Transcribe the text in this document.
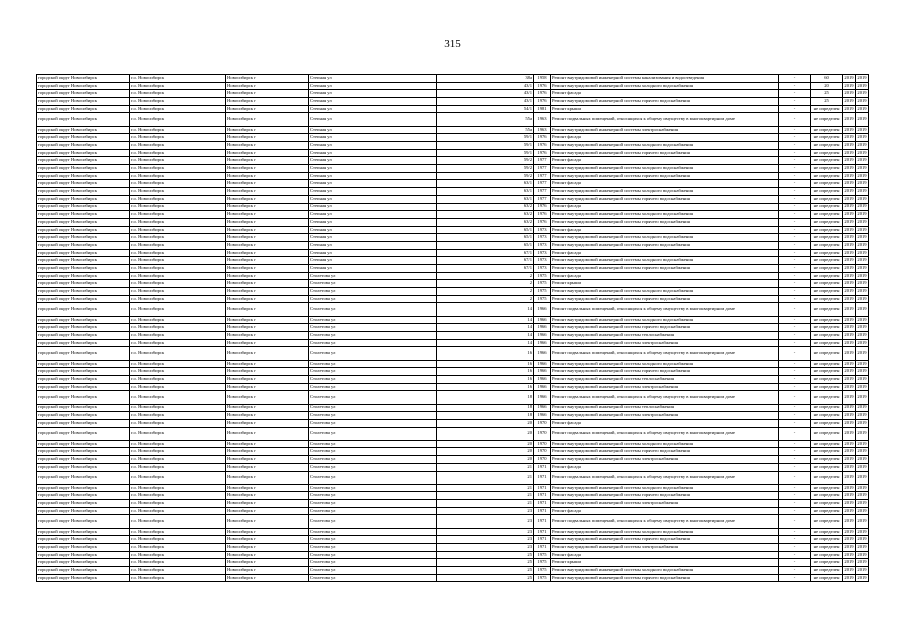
315
городской округ Новосибирск	г.о. Новосибирск	Новосибирск г	Степная ул	38а	1958	Ремонт внутридомовой инженерной системы канализования и водоотведения	-	60	2019	2019
городской округ Новосибирск	г.о. Новосибирск	Новосибирск г	Степная ул	43/1	1976	Ремонт внутридомовой инженерной системы холодного водоснабжения	-	20	2019	2019
городской округ Новосибирск	г.о. Новосибирск	Новосибирск г	Степная ул	43/1	1976	Ремонт фасада	-	25	2019	2019
городской округ Новосибирск	г.о. Новосибирск	Новосибирск г	Степная ул	43/1	1976	Ремонт внутридомовой инженерной системы горячего водоснабжения	-	25	2019	2019
городской округ Новосибирск	г.о. Новосибирск	Новосибирск г	Степная ул	54/1	1981	Ремонт крыши	-	не определен	2019	2019
городской округ Новосибирск	г.о. Новосибирск	Новосибирск г	Степная ул	55а	1963	Ремонт подвальных помещений, относящихся к общему имуществу в многоквартирном доме	-	не определен	2019	2019
городской округ Новосибирск	г.о. Новосибирск	Новосибирск г	Степная ул	55а	1963	Ремонт внутридомовой инженерной системы электроснабжения	-	не определен	2019	2019
городской округ Новосибирск	г.о. Новосибирск	Новосибирск г	Степная ул	59/1	1976	Ремонт фасада	-	не определен	2019	2019
городской округ Новосибирск	г.о. Новосибирск	Новосибирск г	Степная ул	59/1	1976	Ремонт внутридомовой инженерной системы холодного водоснабжения	-	не определен	2019	2019
городской округ Новосибирск	г.о. Новосибирск	Новосибирск г	Степная ул	59/1	1976	Ремонт внутридомовой инженерной системы горячего водоснабжения	-	не определен	2019	2019
городской округ Новосибирск	г.о. Новосибирск	Новосибирск г	Степная ул	59/2	1977	Ремонт фасада	-	не определен	2019	2019
городской округ Новосибирск	г.о. Новосибирск	Новосибирск г	Степная ул	59/2	1977	Ремонт внутридомовой инженерной системы холодного водоснабжения	-	не определен	2019	2019
городской округ Новосибирск	г.о. Новосибирск	Новосибирск г	Степная ул	59/2	1977	Ремонт внутридомовой инженерной системы горячего водоснабжения	-	не определен	2019	2019
городской округ Новосибирск	г.о. Новосибирск	Новосибирск г	Степная ул	63/1	1977	Ремонт фасада	-	не определен	2019	2019
городской округ Новосибирск	г.о. Новосибирск	Новосибирск г	Степная ул	63/1	1977	Ремонт внутридомовой инженерной системы холодного водоснабжения	-	не определен	2019	2019
городской округ Новосибирск	г.о. Новосибирск	Новосибирск г	Степная ул	63/1	1977	Ремонт внутридомовой инженерной системы горячего водоснабжения	-	не определен	2019	2019
городской округ Новосибирск	г.о. Новосибирск	Новосибирск г	Степная ул	63/2	1976	Ремонт фасада	-	не определен	2019	2019
городской округ Новосибирск	г.о. Новосибирск	Новосибирск г	Степная ул	63/2	1976	Ремонт внутридомовой инженерной системы холодного водоснабжения	-	не определен	2019	2019
городской округ Новосибирск	г.о. Новосибирск	Новосибирск г	Степная ул	63/2	1976	Ремонт внутридомовой инженерной системы горячего водоснабжения	-	не определен	2019	2019
городской округ Новосибирск	г.о. Новосибирск	Новосибирск г	Степная ул	65/1	1973	Ремонт фасада	-	не определен	2019	2019
городской округ Новосибирск	г.о. Новосибирск	Новосибирск г	Степная ул	65/1	1973	Ремонт внутридомовой инженерной системы холодного водоснабжения	-	не определен	2019	2019
городской округ Новосибирск	г.о. Новосибирск	Новосибирск г	Степная ул	65/1	1973	Ремонт внутридомовой инженерной системы горячего водоснабжения	-	не определен	2019	2019
городской округ Новосибирск	г.о. Новосибирск	Новосибирск г	Степная ул	67/1	1973	Ремонт фасада	-	не определен	2019	2019
городской округ Новосибирск	г.о. Новосибирск	Новосибирск г	Степная ул	67/1	1973	Ремонт внутридомовой инженерной системы холодного водоснабжения	-	не определен	2019	2019
городской округ Новосибирск	г.о. Новосибирск	Новосибирск г	Степная ул	67/1	1973	Ремонт внутридомовой инженерной системы горячего водоснабжения	-	не определен	2019	2019
городской округ Новосибирск	г.о. Новосибирск	Новосибирск г	Столетова ул	2	1975	Ремонт фасада	-	не определен	2019	2019
городской округ Новосибирск	г.о. Новосибирск	Новосибирск г	Столетова ул	2	1975	Ремонт крыши	-	не определен	2019	2019
городской округ Новосибирск	г.о. Новосибирск	Новосибирск г	Столетова ул	2	1975	Ремонт внутридомовой инженерной системы холодного водоснабжения	-	не определен	2019	2019
городской округ Новосибирск	г.о. Новосибирск	Новосибирск г	Столетова ул	2	1975	Ремонт внутридомовой инженерной системы горячего водоснабжения	-	не определен	2019	2019
городской округ Новосибирск	г.о. Новосибирск	Новосибирск г	Столетова ул	14	1966	Ремонт подвальных помещений, относящихся к общему имуществу в многоквартирном доме	-	не определен	2019	2019
городской округ Новосибирск	г.о. Новосибирск	Новосибирск г	Столетова ул	14	1966	Ремонт внутридомовой инженерной системы холодного водоснабжения	-	не определен	2019	2019
городской округ Новосибирск	г.о. Новосибирск	Новосибирск г	Столетова ул	14	1966	Ремонт внутридомовой инженерной системы горячего водоснабжения	-	не определен	2019	2019
городской округ Новосибирск	г.о. Новосибирск	Новосибирск г	Столетова ул	14	1966	Ремонт внутридомовой инженерной системы теплоснабжения	-	не определен	2019	2019
городской округ Новосибирск	г.о. Новосибирск	Новосибирск г	Столетова ул	14	1966	Ремонт внутридомовой инженерной системы электроснабжения	-	не определен	2019	2019
городской округ Новосибирск	г.о. Новосибирск	Новосибирск г	Столетова ул	16	1966	Ремонт подвальных помещений, относящихся к общему имуществу в многоквартирном доме	-	не определен	2019	2019
городской округ Новосибирск	г.о. Новосибирск	Новосибирск г	Столетова ул	16	1966	Ремонт внутридомовой инженерной системы холодного водоснабжения	-	не определен	2019	2019
городской округ Новосибирск	г.о. Новосибирск	Новосибирск г	Столетова ул	16	1966	Ремонт внутридомовой инженерной системы горячего водоснабжения	-	не определен	2019	2019
городской округ Новосибирск	г.о. Новосибирск	Новосибирск г	Столетова ул	16	1966	Ремонт внутридомовой инженерной системы теплоснабжения	-	не определен	2019	2019
городской округ Новосибирск	г.о. Новосибирск	Новосибирск г	Столетова ул	16	1966	Ремонт внутридомовой инженерной системы электроснабжения	-	не определен	2019	2019
городской округ Новосибирск	г.о. Новосибирск	Новосибирск г	Столетова ул	18	1966	Ремонт подвальных помещений, относящихся к общему имуществу в многоквартирном доме	-	не определен	2019	2019
городской округ Новосибирск	г.о. Новосибирск	Новосибирск г	Столетова ул	18	1966	Ремонт внутридомовой инженерной системы теплоснабжения	-	не определен	2019	2019
городской округ Новосибирск	г.о. Новосибирск	Новосибирск г	Столетова ул	18	1966	Ремонт внутридомовой инженерной системы электроснабжения	-	не определен	2019	2019
городской округ Новосибирск	г.о. Новосибирск	Новосибирск г	Столетова ул	20	1970	Ремонт фасада	-	не определен	2019	2019
городской округ Новосибирск	г.о. Новосибирск	Новосибирск г	Столетова ул	20	1970	Ремонт подвальных помещений, относящихся к общему имуществу в многоквартирном доме	-	не определен	2019	2019
городской округ Новосибирск	г.о. Новосибирск	Новосибирск г	Столетова ул	20	1970	Ремонт внутридомовой инженерной системы холодного водоснабжения	-	не определен	2019	2019
городской округ Новосибирск	г.о. Новосибирск	Новосибирск г	Столетова ул	20	1970	Ремонт внутридомовой инженерной системы горячего водоснабжения	-	не определен	2019	2019
городской округ Новосибирск	г.о. Новосибирск	Новосибирск г	Столетова ул	20	1970	Ремонт внутридомовой инженерной системы электроснабжения	-	не определен	2019	2019
городской округ Новосибирск	г.о. Новосибирск	Новосибирск г	Столетова ул	21	1971	Ремонт фасада	-	не определен	2019	2019
городской округ Новосибирск	г.о. Новосибирск	Новосибирск г	Столетова ул	21	1971	Ремонт подвальных помещений, относящихся к общему имуществу в многоквартирном доме	-	не определен	2019	2019
городской округ Новосибирск	г.о. Новосибирск	Новосибирск г	Столетова ул	21	1971	Ремонт внутридомовой инженерной системы холодного водоснабжения	-	не определен	2019	2019
городской округ Новосибирск	г.о. Новосибирск	Новосибирск г	Столетова ул	21	1971	Ремонт внутридомовой инженерной системы горячего водоснабжения	-	не определен	2019	2019
городской округ Новосибирск	г.о. Новосибирск	Новосибирск г	Столетова ул	21	1971	Ремонт внутридомовой инженерной системы электроснабжения	-	не определен	2019	2019
городской округ Новосибирск	г.о. Новосибирск	Новосибирск г	Столетова ул	23	1971	Ремонт фасада	-	не определен	2019	2019
городской округ Новосибирск	г.о. Новосибирск	Новосибирск г	Столетова ул	23	1971	Ремонт подвальных помещений, относящихся к общему имуществу в многоквартирном доме	-	не определен	2019	2019
городской округ Новосибирск	г.о. Новосибирск	Новосибирск г	Столетова ул	23	1971	Ремонт внутридомовой инженерной системы холодного водоснабжения	-	не определен	2019	2019
городской округ Новосибирск	г.о. Новосибирск	Новосибирск г	Столетова ул	23	1971	Ремонт внутридомовой инженерной системы горячего водоснабжения	-	не определен	2019	2019
городской округ Новосибирск	г.о. Новосибирск	Новосибирск г	Столетова ул	23	1971	Ремонт внутридомовой инженерной системы электроснабжения	-	не определен	2019	2019
городской округ Новосибирск	г.о. Новосибирск	Новосибирск г	Столетова ул	25	1975	Ремонт фасада	-	не определен	2019	2019
городской округ Новосибирск	г.о. Новосибирск	Новосибирск г	Столетова ул	25	1975	Ремонт крыши	-	не определен	2019	2019
городской округ Новосибирск	г.о. Новосибирск	Новосибирск г	Столетова ул	25	1975	Ремонт внутридомовой инженерной системы холодного водоснабжения	-	не определен	2019	2019
городской округ Новосибирск	г.о. Новосибирск	Новосибирск г	Столетова ул	25	1975	Ремонт внутридомовой инженерной системы горячего водоснабжения	-	не определен	2019	2019
